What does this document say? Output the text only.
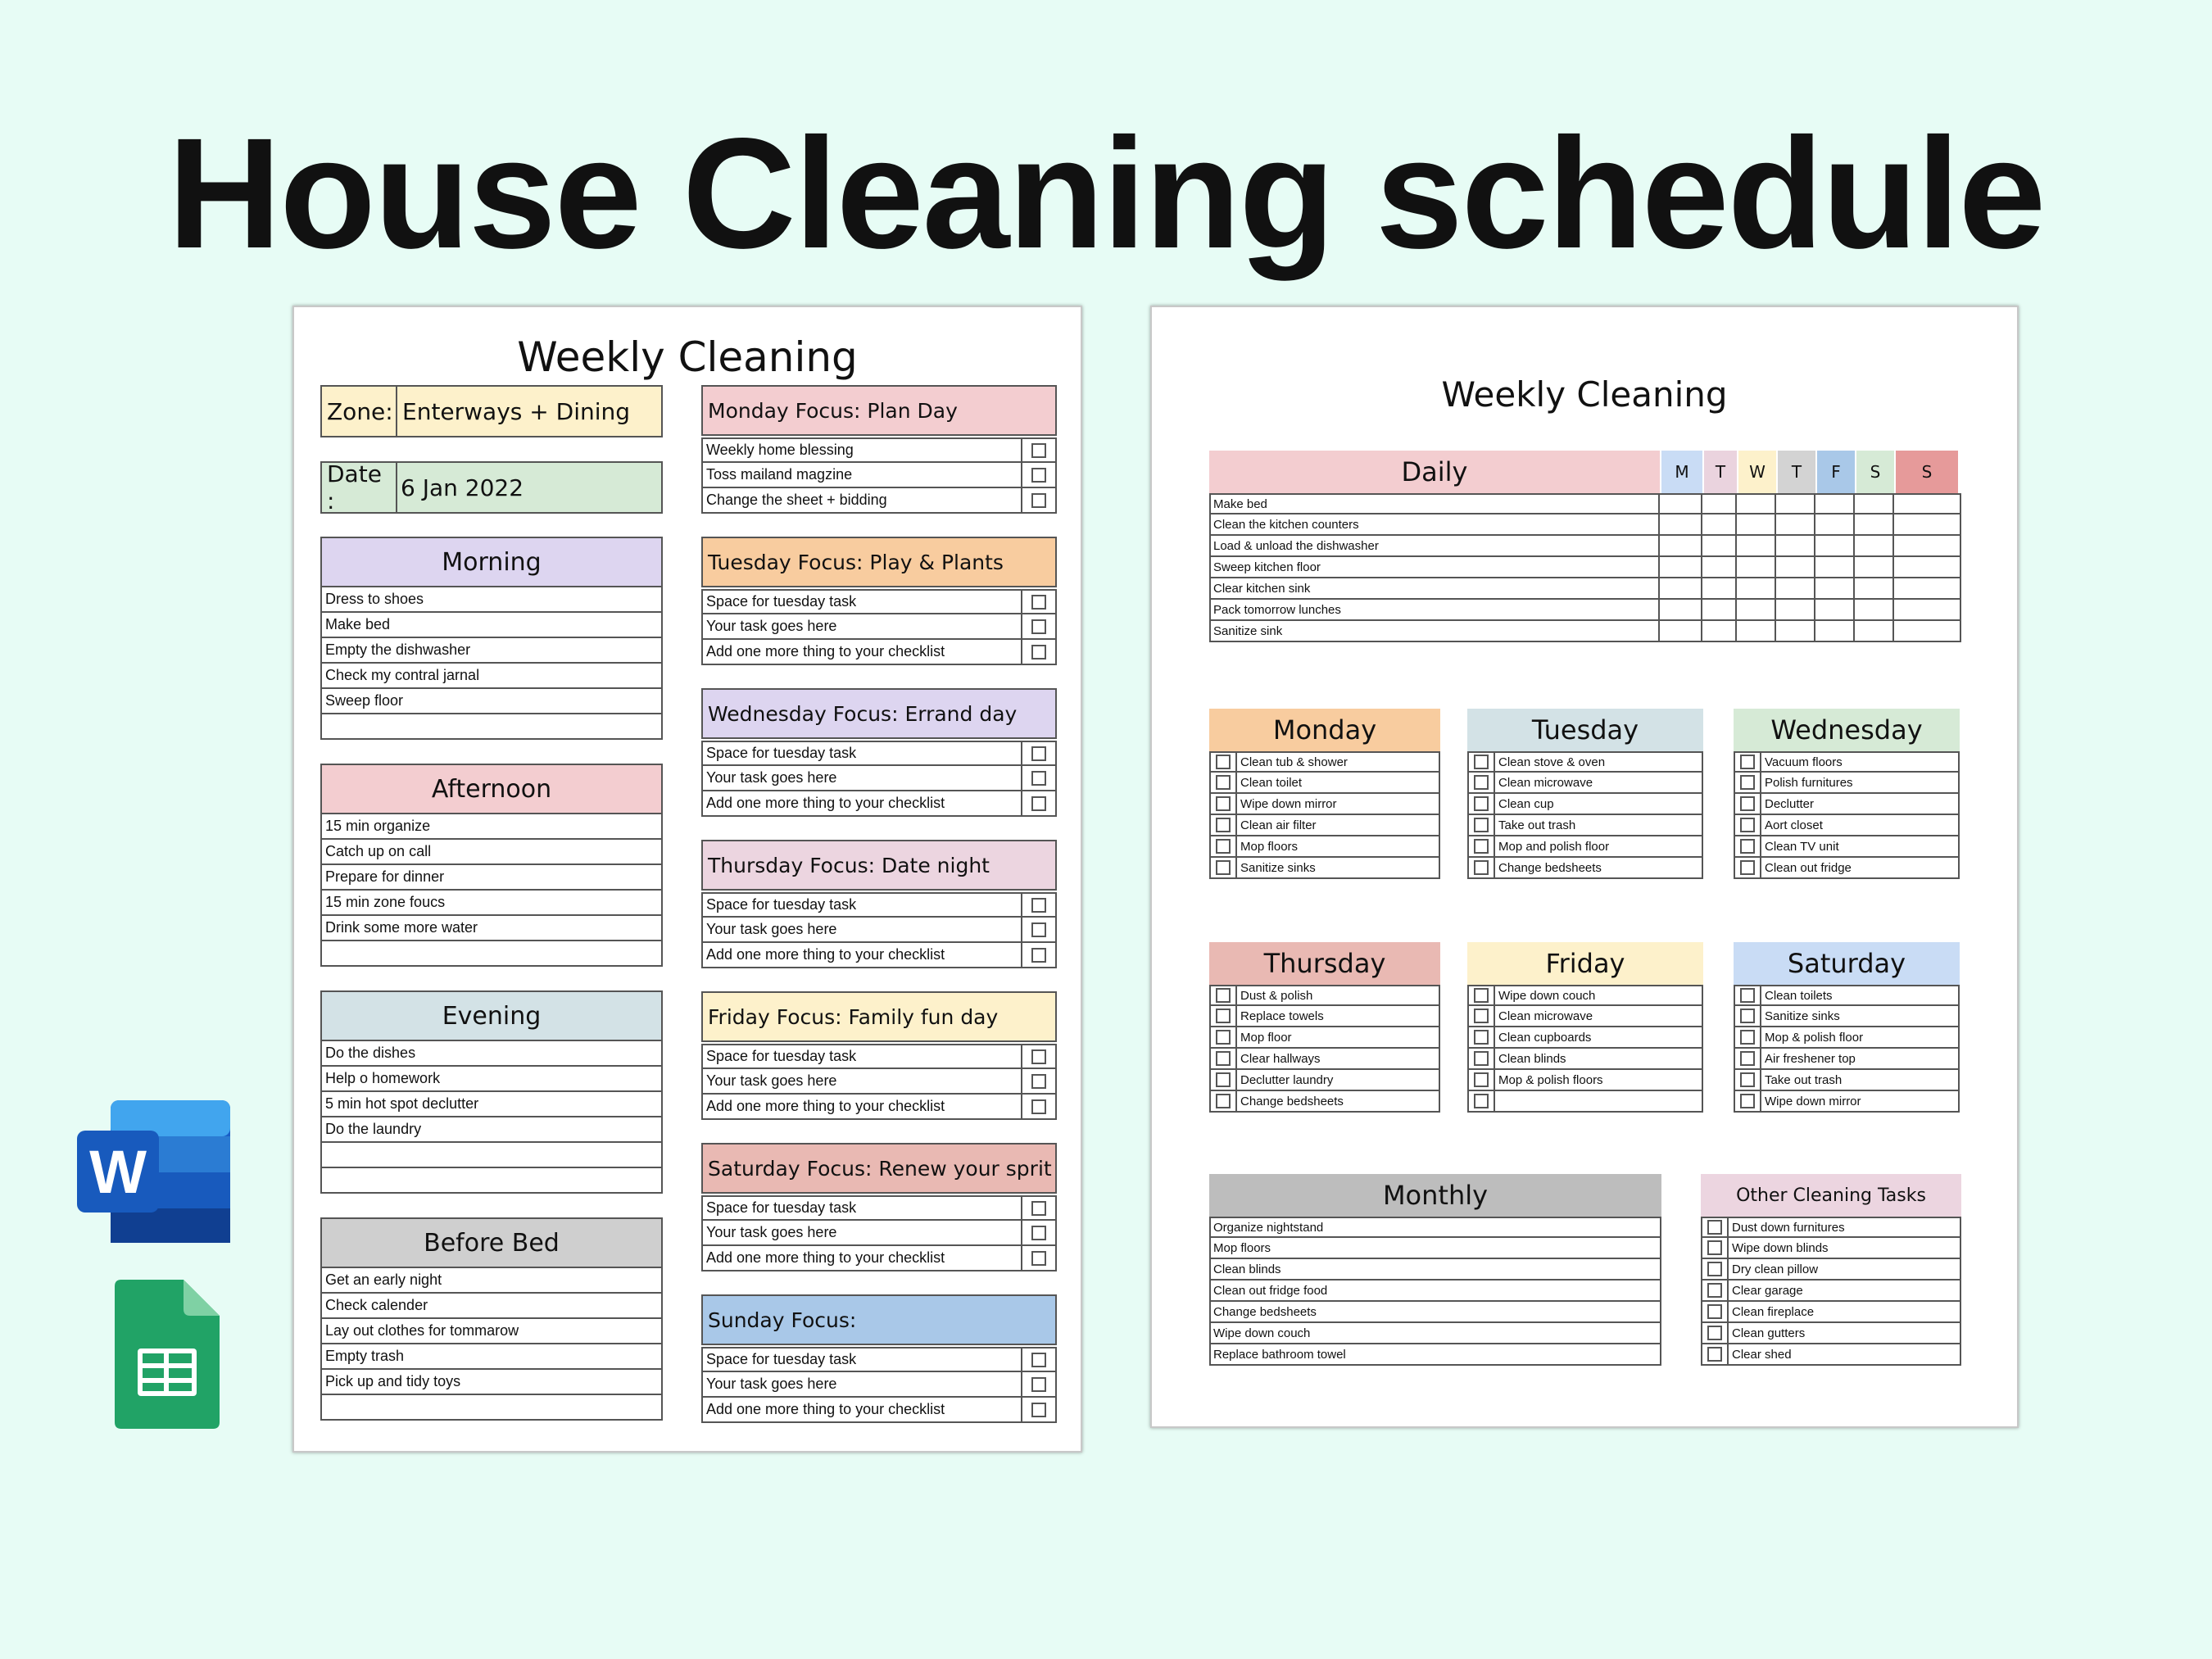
House Cleaning schedule
Weekly Cleaning
Zone: Enterways + Dining
Date :	6 Jan 2022
Morning
Dress to shoes
Make bed
Empty the dishwasher
Check my contral jarnal
Sweep floor
Afternoon
15 min organize
Catch up on call
Prepare for dinner
15 min zone foucs
Drink some more water
Evening
Do the dishes
Help o homework
5 min hot spot declutter
Do the laundry
Before Bed
Get an early night
Check calender
Lay out clothes for tommarow
Empty trash
Pick up and tidy toys
Monday Focus: Plan Day
Weekly home blessing
Toss mailand magzine
Change the sheet + bidding
Tuesday Focus: Play & Plants
Space for tuesday task
Your task goes here
Add one more thing to your checklist
Wednesday Focus: Errand day
Space for tuesday task
Your task goes here
Add one more thing to your checklist
Thursday Focus: Date night
Space for tuesday task
Your task goes here
Add one more thing to your checklist
Friday Focus: Family fun day
Space for tuesday task
Your task goes here
Add one more thing to your checklist
Saturday Focus: Renew your sprit
Space for tuesday task
Your task goes here
Add one more thing to your checklist
Sunday Focus:
Space for tuesday task
Your task goes here
Add one more thing to your checklist
Weekly Cleaning
Daily	M	T	W	T	F	S	S
Make bed
Clean the kitchen counters
Load & unload the dishwasher
Sweep kitchen floor
Clear kitchen sink
Pack tomorrow lunches
Sanitize sink
Monday
Clean tub & shower
Clean toilet
Wipe down mirror
Clean air filter
Mop floors
Sanitize sinks
Tuesday
Clean stove & oven
Clean microwave
Clean cup
Take out trash
Mop and polish floor
Change bedsheets
Wednesday
Vacuum floors
Polish furnitures
Declutter
Aort closet
Clean TV unit
Clean out fridge
Thursday
Dust & polish
Replace towels
Mop floor
Clear hallways
Declutter laundry
Change bedsheets
Friday
Wipe down couch
Clean microwave
Clean cupboards
Clean blinds
Mop & polish floors
Saturday
Clean toilets
Sanitize sinks
Mop & polish floor
Air freshener top
Take out trash
Wipe down mirror
Monthly
Organize nightstand
Mop floors
Clean blinds
Clean out fridge food
Change bedsheets
Wipe down couch
Replace bathroom towel
Other Cleaning Tasks
Dust down furnitures
Wipe down blinds
Dry clean pillow
Clear garage
Clean fireplace
Clean gutters
Clear shed
W
